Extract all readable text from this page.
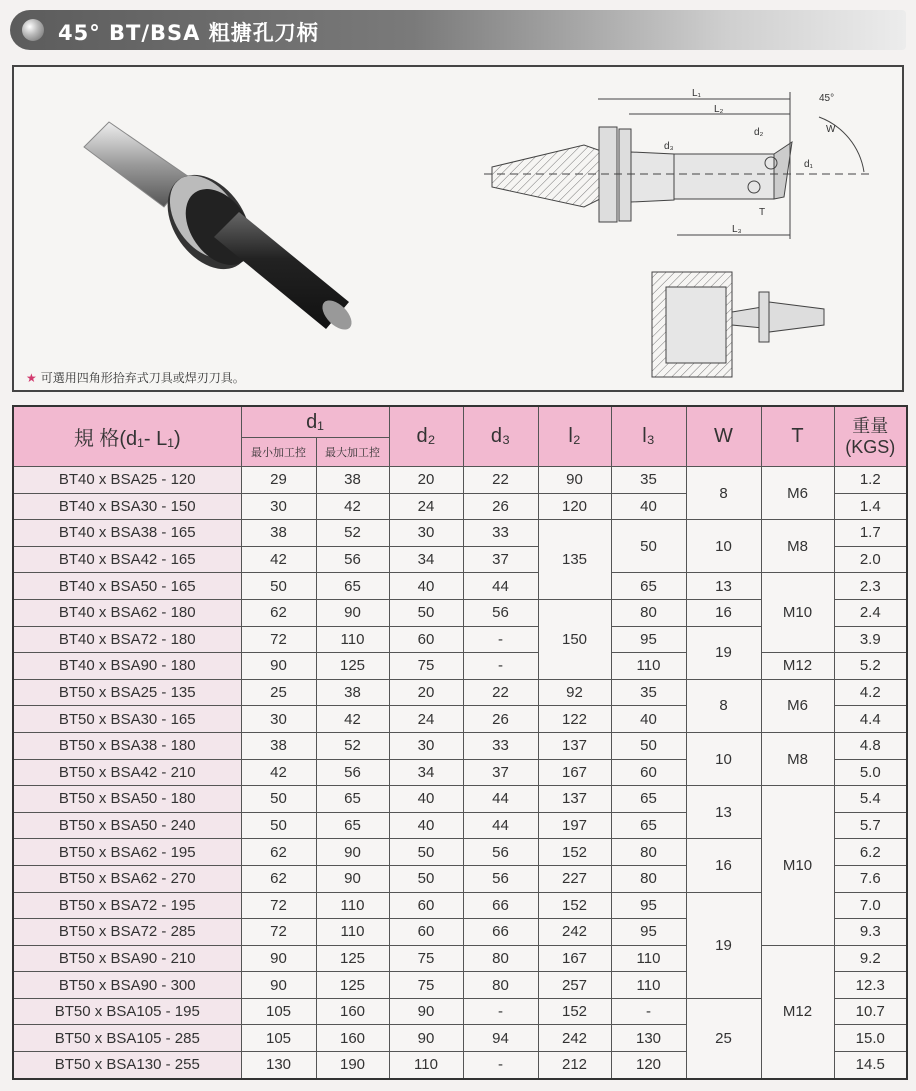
45° BT/BSA 粗搪孔刀柄
L₁
L₂
L₃
d₃
d₂
d₁
T
W
45°
★ 可選用四角形拾弃式刀具或焊刃刀具。
規 格(d₁- L₁)	d₁		d₂	d₃	l₂	l₃	W	T	重量
(KGS)
	最小加工控	最大加工控							
BT40 x BSA25 - 120	29	38	20	22	90	35	8	M6	1.2
BT40 x BSA30 - 150	30	42	24	26	120	40			1.4
BT40 x BSA38 - 165	38	52	30	33	135	50	10	M8	1.7
BT40 x BSA42 - 165	42	56	34	37					2.0
BT40 x BSA50 - 165	50	65	40	44		65	13	M10	2.3
BT40 x BSA62 - 180	62	90	50	56	150	80	16		2.4
BT40 x BSA72 - 180	72	110	60	-		95	19		3.9
BT40 x BSA90 - 180	90	125	75	-		110		M12	5.2
BT50 x BSA25 - 135	25	38	20	22	92	35	8	M6	4.2
BT50 x BSA30 - 165	30	42	24	26	122	40			4.4
BT50 x BSA38 - 180	38	52	30	33	137	50	10	M8	4.8
BT50 x BSA42 - 210	42	56	34	37	167	60			5.0
BT50 x BSA50 - 180	50	65	40	44	137	65	13	M10	5.4
BT50 x BSA50 - 240	50	65	40	44	197	65			5.7
BT50 x BSA62 - 195	62	90	50	56	152	80	16		6.2
BT50 x BSA62 - 270	62	90	50	56	227	80			7.6
BT50 x BSA72 - 195	72	110	60	66	152	95	19		7.0
BT50 x BSA72 - 285	72	110	60	66	242	95			9.3
BT50 x BSA90 - 210	90	125	75	80	167	110		M12	9.2
BT50 x BSA90 - 300	90	125	75	80	257	110			12.3
BT50 x BSA105 - 195	105	160	90	-	152	-	25		10.7
BT50 x BSA105 - 285	105	160	90	94	242	130			15.0
BT50 x BSA130 - 255	130	190	110	-	212	120			14.5
